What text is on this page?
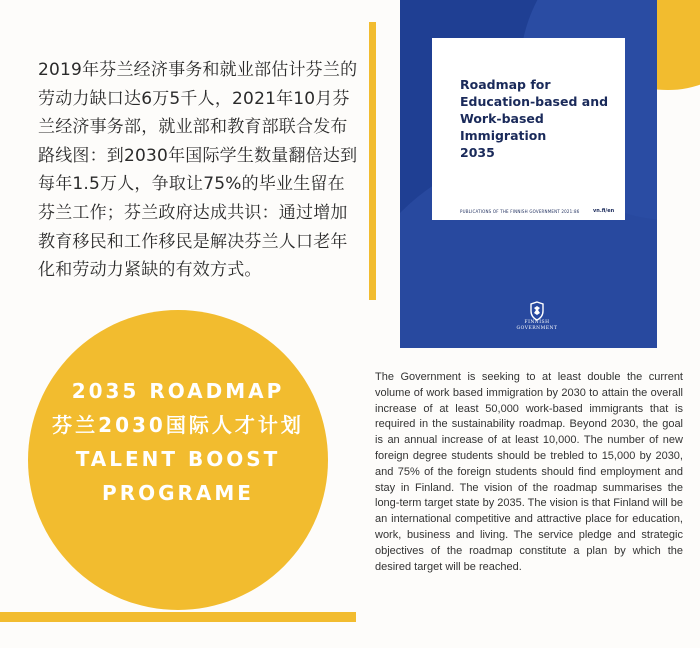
2019年芬兰经济事务和就业部估计芬兰的劳动力缺口达6万5千人，2021年10月芬兰经济事务部，就业部和教育部联合发布路线图：到2030年国际学生数量翻倍达到每年1.5万人，争取让75%的毕业生留在芬兰工作；芬兰政府达成共识：通过增加教育移民和工作移民是解决芬兰人口老年化和劳动力紧缺的有效方式。
Roadmap for
Education-based and
Work-based Immigration
2035
PUBLICATIONS OF THE FINNISH GOVERNMENT 2021:86	vn.fi/en
FINNISH
GOVERNMENT
2035 ROADMAP
芬兰2030国际人才计划
TALENT BOOST
PROGRAME
The Government is seeking to at least double the current volume of work based immigration by 2030 to attain the overall increase of at least 50,000 work-based immigrants that is required in the sustainability roadmap. Beyond 2030, the goal is an annual increase of at least 10,000. The number of new foreign degree students should be trebled to 15,000 by 2030, and 75% of the foreign students should find employment and stay in Finland. The vision of the roadmap summarises the long-term target state by 2035. The vision is that Finland will be an international competitive and attractive place for education, work, business and living. The service pledge and strategic objectives of the roadmap constitute a plan by which the desired target will be reached.
